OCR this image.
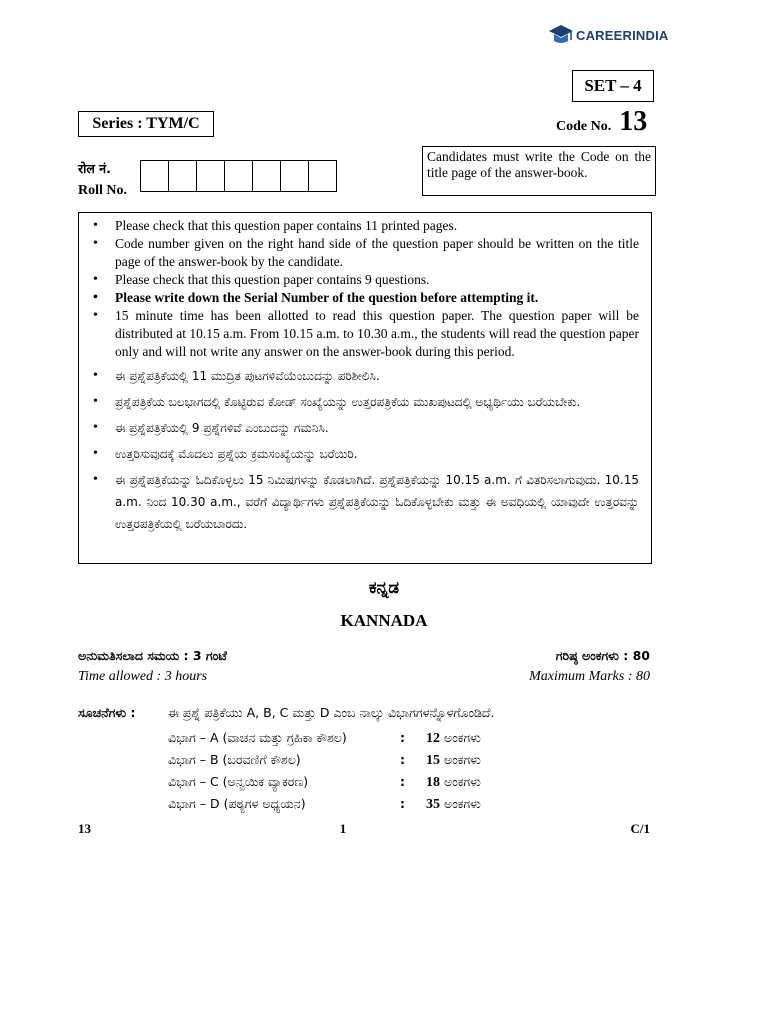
CAREERINDIA
SET – 4
Series : TYM/C	Code No. 13
रोल नं.
Roll No.
Candidates must write the Code on the title page of the answer-book.
• Please check that this question paper contains 11 printed pages.
• Code number given on the right hand side of the question paper should be written on the title page of the answer-book by the candidate.
• Please check that this question paper contains 9 questions.
• Please write down the Serial Number of the question before attempting it.
• 15 minute time has been allotted to read this question paper. The question paper will be distributed at 10.15 a.m. From 10.15 a.m. to 10.30 a.m., the students will read the question paper only and will not write any answer on the answer-book during this period.
• ಈ ಪ್ರಶ್ನೆಪತ್ರಿಕೆಯಲ್ಲಿ 11 ಮುದ್ರಿತ ಪುಟಗಳಿವೆಯೆಂಬುದನ್ನು ಪರಿಶೀಲಿಸಿ.
• ಪ್ರಶ್ನೆಪತ್ರಿಕೆಯ ಬಲಭಾಗದಲ್ಲಿ ಕೊಟ್ಟಿರುವ ಕೋಡ್ ಸಂಖ್ಯೆಯನ್ನು ಉತ್ತರಪತ್ರಿಕೆಯ ಮುಖಪುಟದಲ್ಲಿ ಅಭ್ಯರ್ಥಿಯು ಬರೆಯಬೇಕು.
• ಈ ಪ್ರಶ್ನೆಪತ್ರಿಕೆಯಲ್ಲಿ 9 ಪ್ರಶ್ನೆಗಳಿವೆ ಎಂಬುದನ್ನು ಗಮನಿಸಿ.
• ಉತ್ತರಿಸುವುದಕ್ಕೆ ಮೊದಲು ಪ್ರಶ್ನೆಯ ಕ್ರಮಸಂಖ್ಯೆಯನ್ನು ಬರೆಯಿರಿ.
• ಈ ಪ್ರಶ್ನೆಪತ್ರಿಕೆಯನ್ನು ಓದಿಕೊಳ್ಳಲು 15 ನಿಮಿಷಗಳನ್ನು ಕೊಡಲಾಗಿದೆ. ಪ್ರಶ್ನೆಪತ್ರಿಕೆಯನ್ನು 10.15 a.m. ಗೆ ವಿತರಿಸಲಾಗುವುದು. 10.15 a.m. ನಿಂದ 10.30 a.m., ವರೆಗೆ ವಿದ್ಯಾರ್ಥಿಗಳು ಪ್ರಶ್ನೆಪತ್ರಿಕೆಯನ್ನು ಓದಿಕೊಳ್ಳಬೇಕು ಮತ್ತು ಈ ಅವಧಿಯಲ್ಲಿ ಯಾವುದೇ ಉತ್ತರವನ್ನು ಉತ್ತರಪತ್ರಿಕೆಯಲ್ಲಿ ಬರೆಯಬಾರದು.
ಕನ್ನಡ
KANNADA
ಅನುಮತಿಸಲಾದ ಸಮಯ : 3 ಗಂಟೆ	ಗರಿಷ್ಠ ಅಂಕಗಳು : 80
Time allowed : 3 hours	Maximum Marks : 80
ಸೂಚನೆಗಳು :	ಈ ಪ್ರಶ್ನೆ ಪತ್ರಿಕೆಯು A, B, C ಮತ್ತು D ಎಂಬ ನಾಲ್ಕು ವಿಭಾಗಗಳನ್ನೊಳಗೊಂಡಿದೆ.
ವಿಭಾಗ – A (ವಾಚನ ಮತ್ತು ಗ್ರಹಿಕಾ ಕೌಶಲ)	:	12 ಅಂಕಗಳು
ವಿಭಾಗ – B (ಬರವಣಿಗೆ ಕೌಶಲ)	:	15 ಅಂಕಗಳು
ವಿಭಾಗ – C (ಅನ್ವಯಿಕ ವ್ಯಾಕರಣ)	:	18 ಅಂಕಗಳು
ವಿಭಾಗ – D (ಪಠ್ಯಗಳ ಅಧ್ಯಯನ)	:	35 ಅಂಕಗಳು
13	1	C/1
